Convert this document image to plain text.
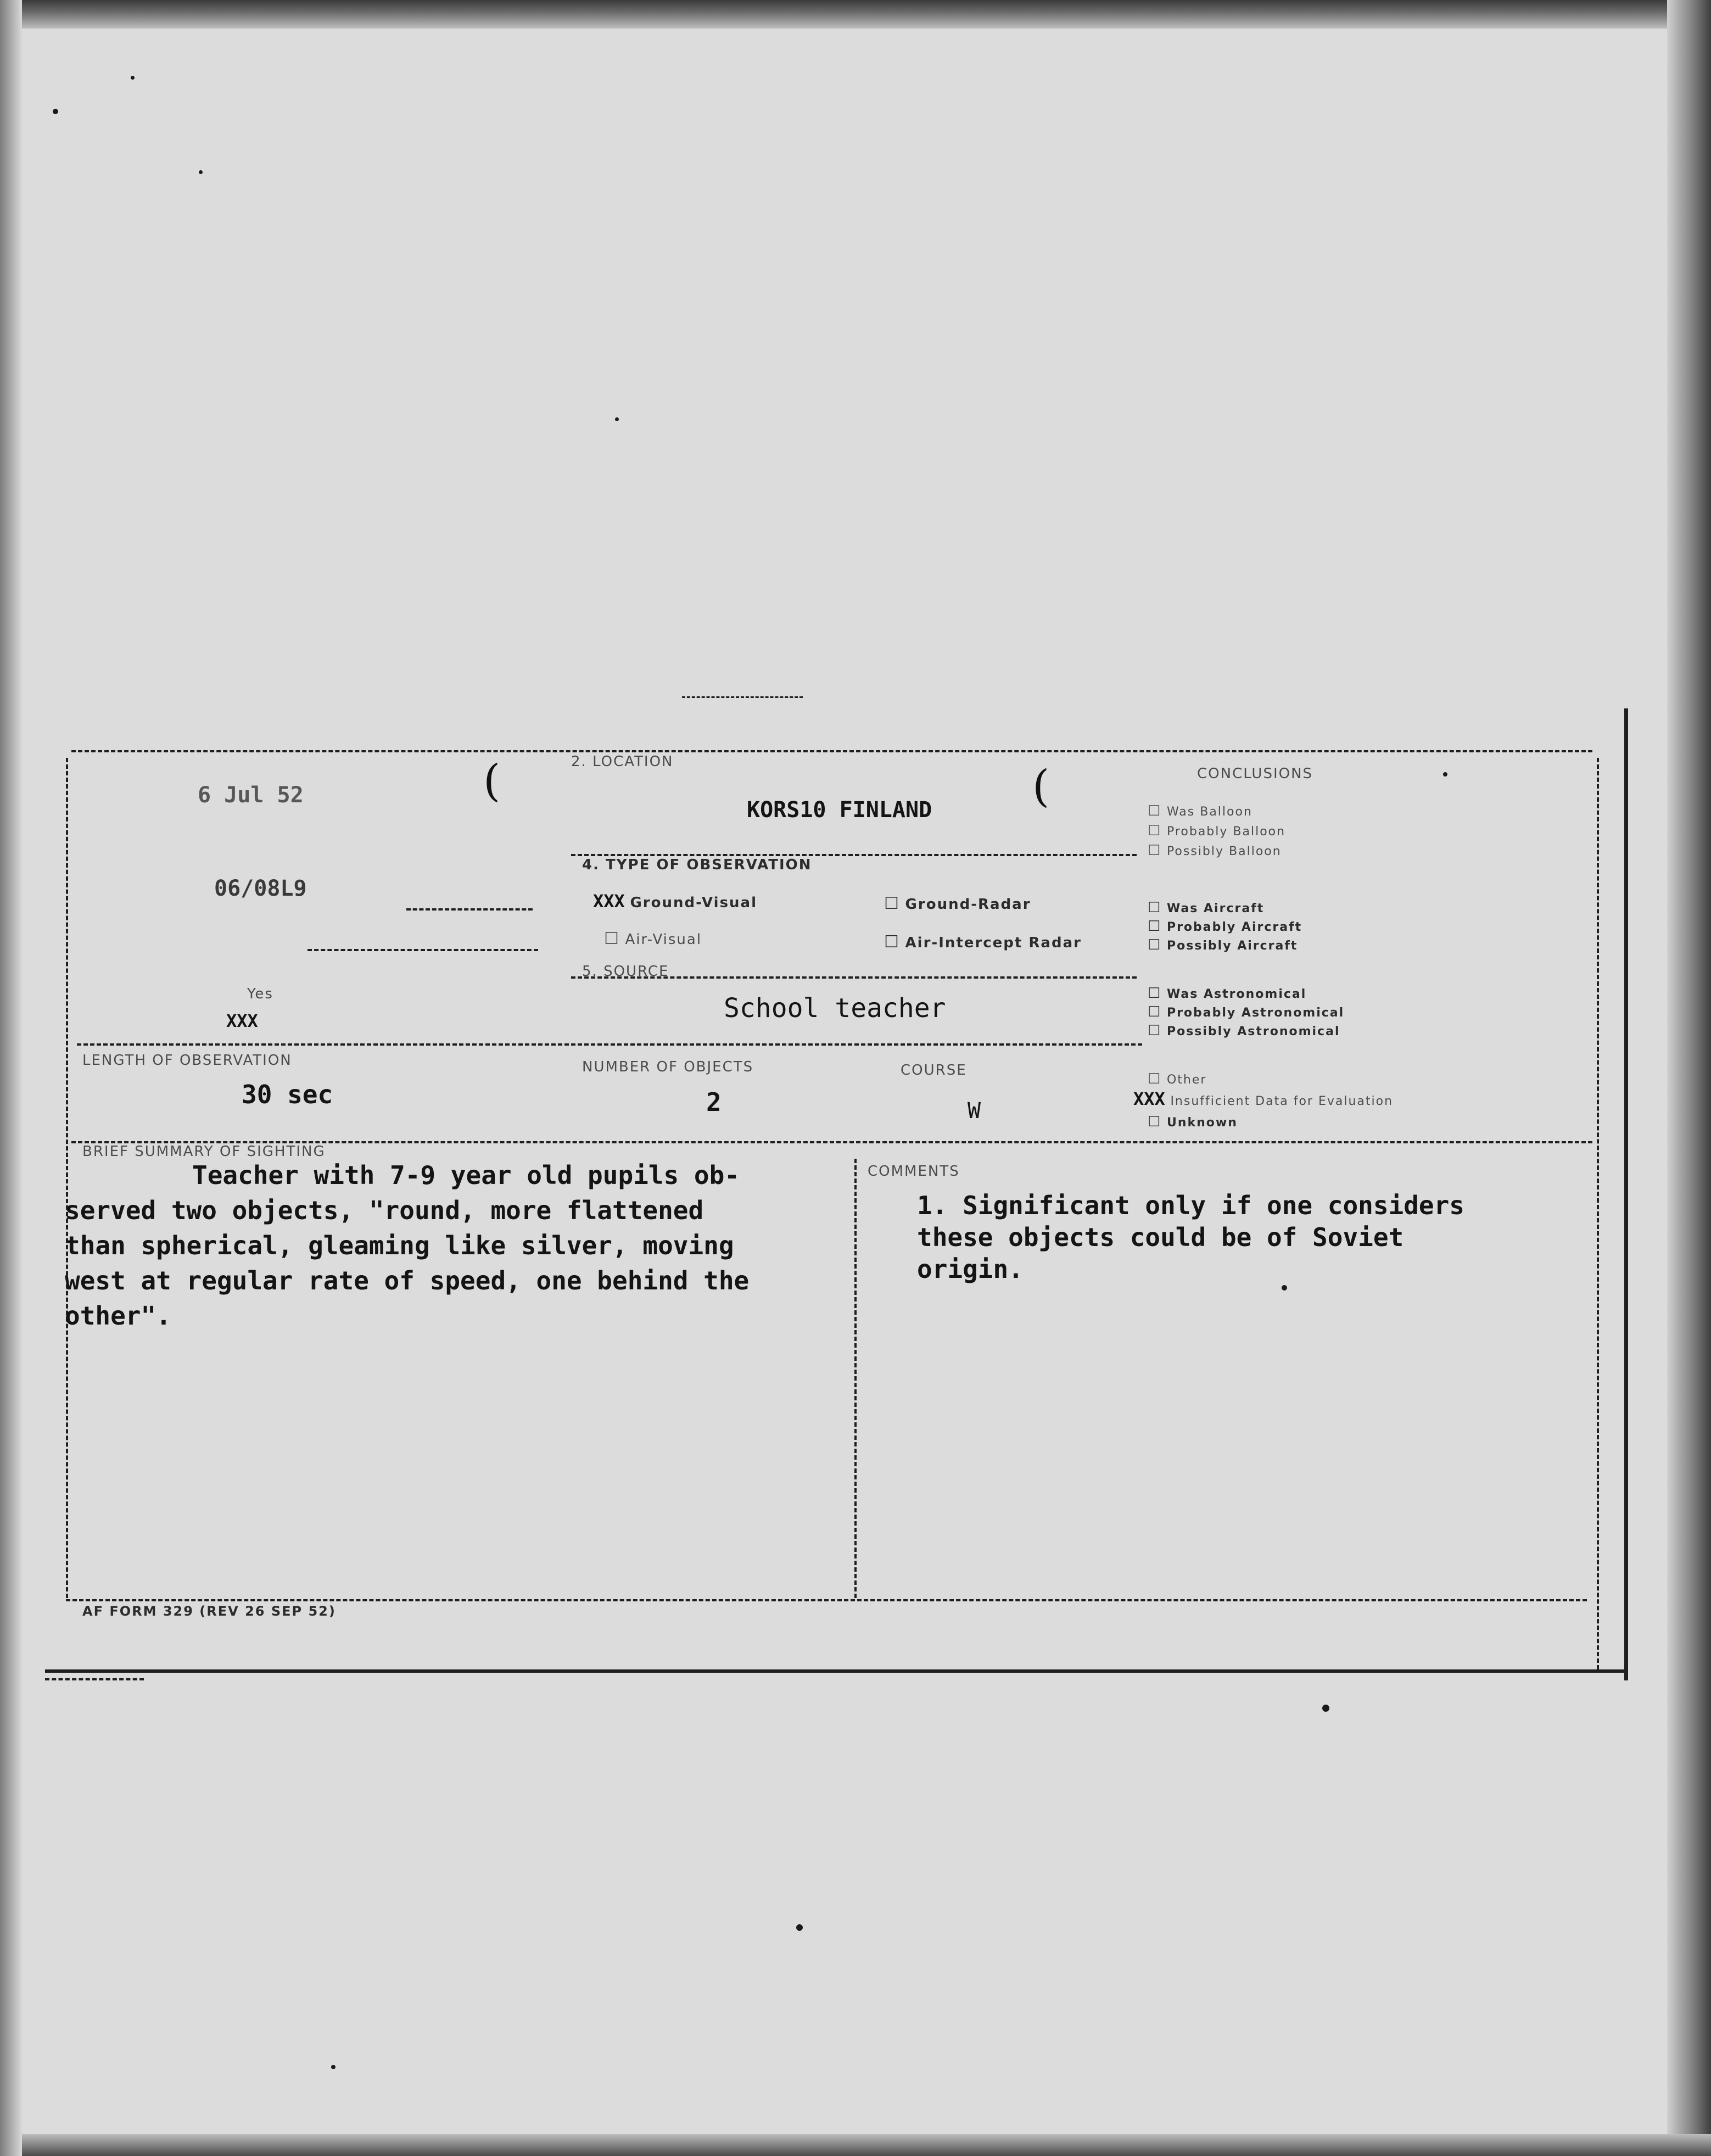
6 Jul 52
06/08L9
Yes
XXX
LENGTH OF OBSERVATION
30 sec
(	(
2. LOCATION
KORS10 FINLAND
4. TYPE OF OBSERVATION
XXX Ground-Visual	☐ Ground-Radar
☐ Air-Visual	☐ Air-Intercept Radar
5. SOURCE
School teacher
NUMBER OF OBJECTS	COURSE
2	W
CONCLUSIONS
☐ Was Balloon
☐ Probably Balloon
☐ Possibly Balloon
☐ Was Aircraft
☐ Probably Aircraft
☐ Possibly Aircraft
☐ Was Astronomical
☐ Probably Astronomical
☐ Possibly Astronomical
☐ Other
XXX Insufficient Data for Evaluation
☐ Unknown
BRIEF SUMMARY OF SIGHTING
Teacher with 7-9 year old pupils ob-
served two objects, "round, more flattened
than spherical, gleaming like silver, moving
west at regular rate of speed, one behind the
other".
COMMENTS
1. Significant only if one considers
these objects could be of Soviet
origin.
AF FORM 329 (REV 26 SEP 52)
